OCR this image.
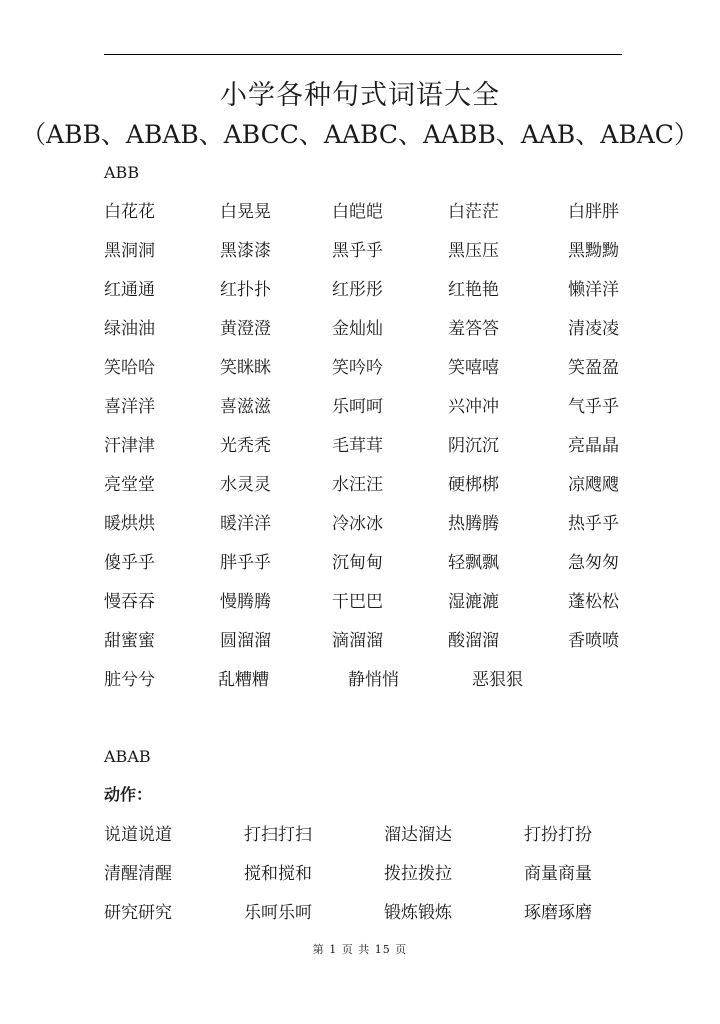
小学各种句式词语大全
（ABB、ABAB、ABCC、AABC、AABB、AAB、ABAC）
ABB
白花花	白晃晃	白皑皑	白茫茫	白胖胖
黑洞洞	黑漆漆	黑乎乎	黑压压	黑黝黝
红通通	红扑扑	红彤彤	红艳艳	懒洋洋
绿油油	黄澄澄	金灿灿	羞答答	清凌凌
笑哈哈	笑眯眯	笑吟吟	笑嘻嘻	笑盈盈
喜洋洋	喜滋滋	乐呵呵	兴冲冲	气乎乎
汗津津	光秃秃	毛茸茸	阴沉沉	亮晶晶
亮堂堂	水灵灵	水汪汪	硬梆梆	凉飕飕
暖烘烘	暖洋洋	冷冰冰	热腾腾	热乎乎
傻乎乎	胖乎乎	沉甸甸	轻飘飘	急匆匆
慢吞吞	慢腾腾	干巴巴	湿漉漉	蓬松松
甜蜜蜜	圆溜溜	滴溜溜	酸溜溜	香喷喷
脏兮兮	乱糟糟	静悄悄	恶狠狠
ABAB
动作：
说道说道	打扫打扫	溜达溜达	打扮打扮
清醒清醒	搅和搅和	拨拉拨拉	商量商量
研究研究	乐呵乐呵	锻炼锻炼	琢磨琢磨
第 1 页 共 15 页
